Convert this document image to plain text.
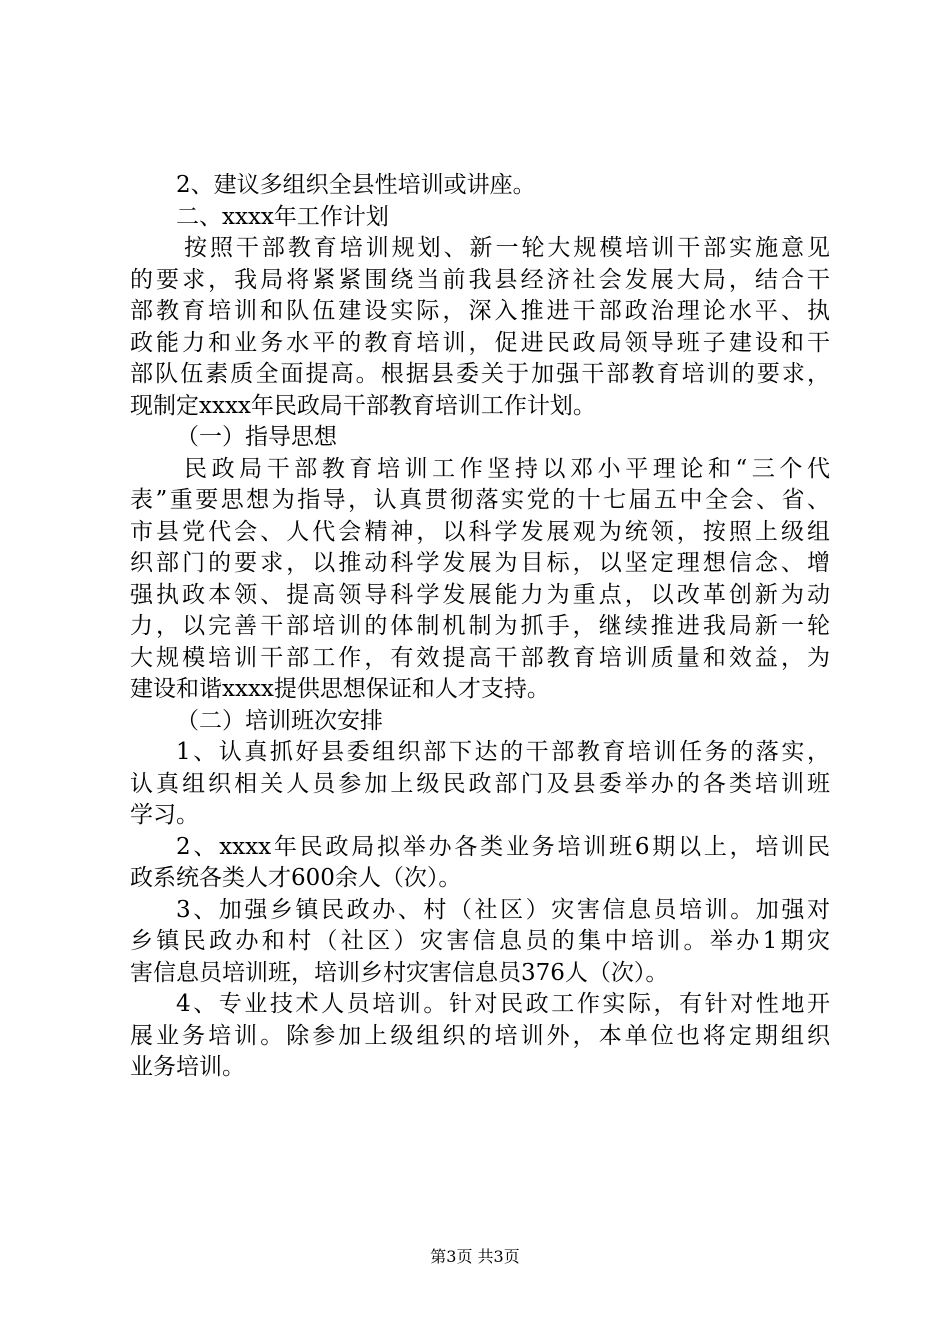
2、建议多组织全县性培训或讲座。
二、xxxx年工作计划
按照干部教育培训规划、新一轮大规模培训干部实施意见
的要求，我局将紧紧围绕当前我县经济社会发展大局，结合干
部教育培训和队伍建设实际，深入推进干部政治理论水平、执
政能力和业务水平的教育培训，促进民政局领导班子建设和干
部队伍素质全面提高。根据县委关于加强干部教育培训的要求，
现制定xxxx年民政局干部教育培训工作计划。
（一）指导思想
民政局干部教育培训工作坚持以邓小平理论和“三个代
表”重要思想为指导，认真贯彻落实党的十七届五中全会、省、
市县党代会、人代会精神，以科学发展观为统领，按照上级组
织部门的要求，以推动科学发展为目标，以坚定理想信念、增
强执政本领、提高领导科学发展能力为重点，以改革创新为动
力，以完善干部培训的体制机制为抓手，继续推进我局新一轮
大规模培训干部工作，有效提高干部教育培训质量和效益，为
建设和谐xxxx提供思想保证和人才支持。
（二）培训班次安排
1、认真抓好县委组织部下达的干部教育培训任务的落实，
认真组织相关人员参加上级民政部门及县委举办的各类培训班
学习。
2、xxxx年民政局拟举办各类业务培训班6期以上，培训民
政系统各类人才600余人（次）。
3、加强乡镇民政办、村（社区）灾害信息员培训。加强对
乡镇民政办和村（社区）灾害信息员的集中培训。举办1期灾
害信息员培训班，培训乡村灾害信息员376人（次）。
4、专业技术人员培训。针对民政工作实际，有针对性地开
展业务培训。除参加上级组织的培训外，本单位也将定期组织
业务培训。
第3页 共3页
